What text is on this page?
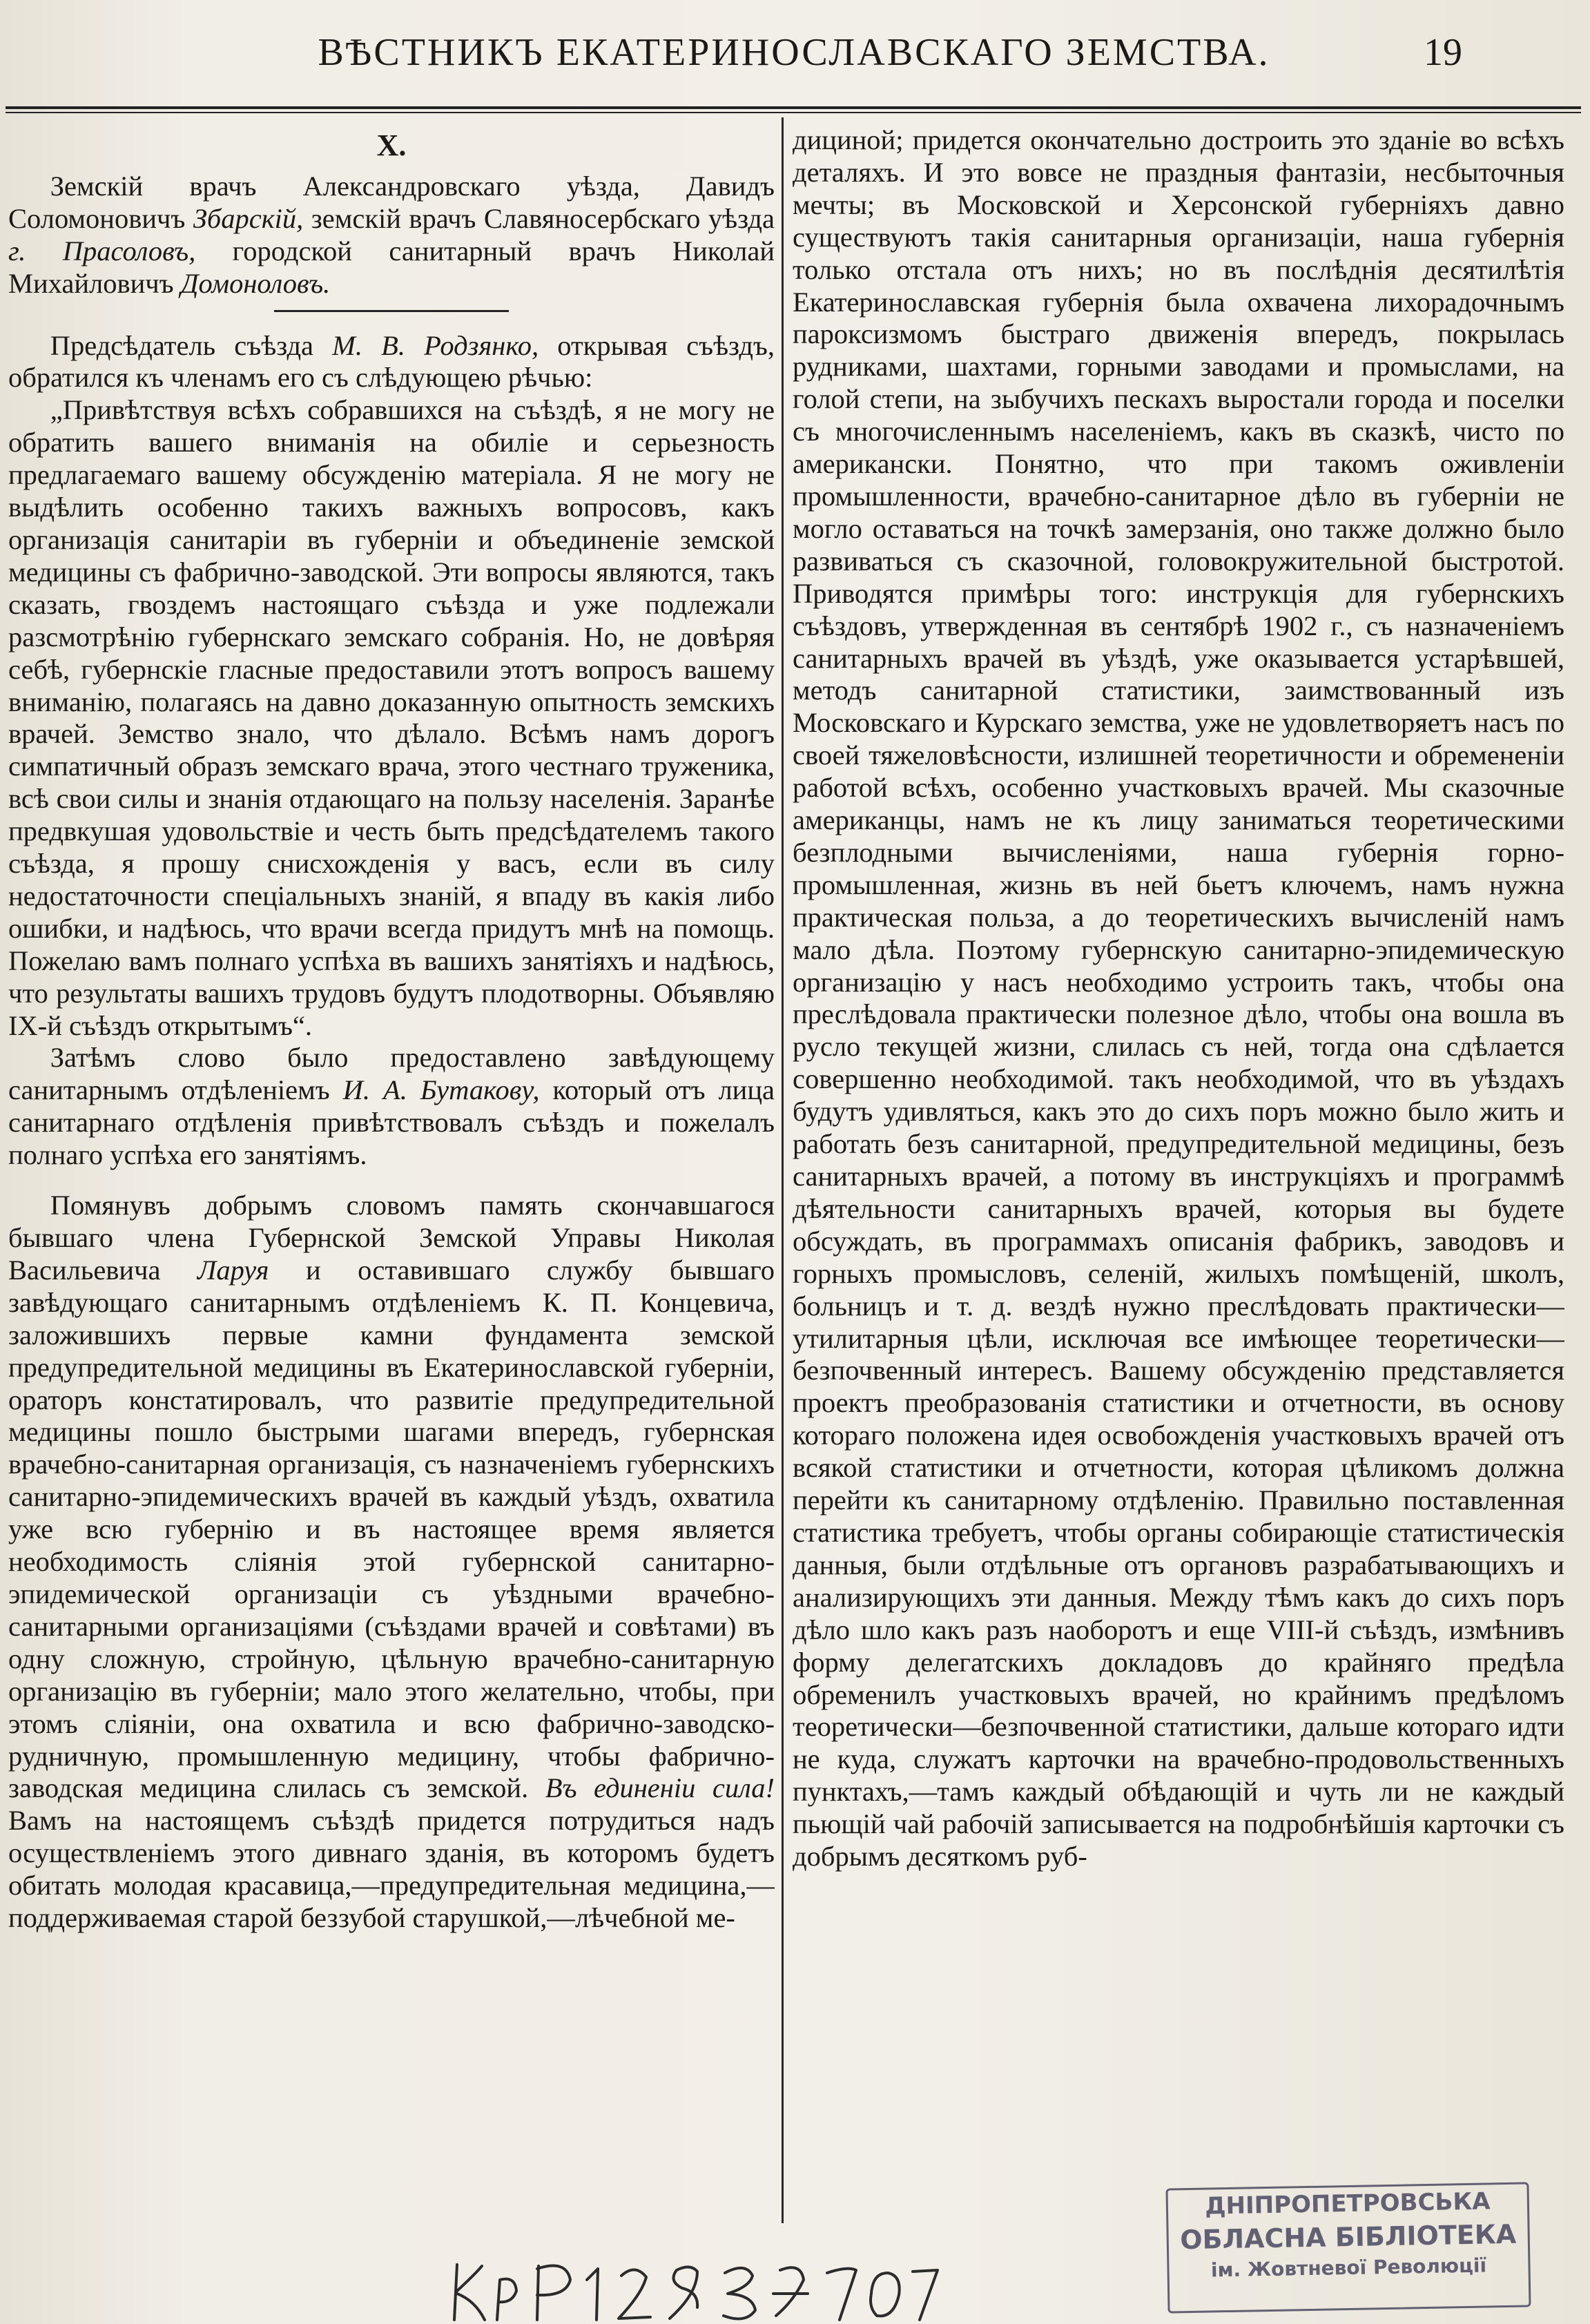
ВѢСТНИКЪ ЕКАТЕРИНОСЛАВСКАГО ЗЕМСТВА.	19
X.

Земскій врачъ Александровскаго уѣзда, Давидъ Соломоновичъ Збарскій, земскій врачъ Славяносербскаго уѣзда г. Прасоловъ, городской санитарный врачъ Николай Михайловичъ Домоноловъ.

Предсѣдатель съѣзда М. В. Родзянко, открывая съѣздъ, обратился къ членамъ его съ слѣдующею рѣчью:

„Привѣтствуя всѣхъ собравшихся на съѣздѣ, я не могу не обратить вашего вниманія на обиліе и серьезность предлагаемаго вашему обсужденію матеріала. Я не могу не выдѣлить особенно такихъ важныхъ вопросовъ, какъ организація санитаріи въ губерніи и объединеніе земской медицины съ фабрично-заводской. Эти вопросы являются, такъ сказать, гвоздемъ настоящаго съѣзда и уже подлежали разсмотрѣнію губернскаго земскаго собранія. Но, не довѣряя себѣ, губернскіе гласные предоставили этотъ вопросъ вашему вниманію, полагаясь на давно доказанную опытность земскихъ врачей. Земство знало, что дѣлало. Всѣмъ намъ дорогъ симпатичный образъ земскаго врача, этого честнаго труженика, всѣ свои силы и знанія отдающаго на пользу населенія. Заранѣе предвкушая удовольствіе и честь быть предсѣдателемъ такого съѣзда, я прошу снисхожденія у васъ, если въ силу недостаточности спеціальныхъ знаній, я впаду въ какія либо ошибки, и надѣюсь, что врачи всегда придутъ мнѣ на помощь. Пожелаю вамъ полнаго успѣха въ вашихъ занятіяхъ и надѣюсь, что результаты вашихъ трудовъ будутъ плодотворны. Объявляю IX-й съѣздъ открытымъ“.

Затѣмъ слово было предоставлено завѣдующему санитарнымъ отдѣленіемъ И. А. Бутакову, который отъ лица санитарнаго отдѣленія привѣтствовалъ съѣздъ и пожелалъ полнаго успѣха его занятіямъ.

Помянувъ добрымъ словомъ память скончавшагося бывшаго члена Губернской Земской Управы Николая Васильевича Ларуя и оставившаго службу бывшаго завѣдующаго санитарнымъ отдѣленіемъ К. П. Концевича, заложившихъ первые камни фундамента земской предупредительной медицины въ Екатеринославской губерніи, ораторъ констатировалъ, что развитіе предупредительной медицины пошло быстрыми шагами впередъ, губернская врачебно-санитарная организація, съ назначеніемъ губернскихъ санитарно-эпидемическихъ врачей въ каждый уѣздъ, охватила уже всю губернію и въ настоящее время является необходимость слiянія этой губернской санитарно-эпидемической организаціи съ уѣздными врачебно-санитарными организаціями (съѣздами врачей и совѣтами) въ одну сложную, стройную, цѣльную врачебно-санитарную организацію въ губерніи; мало этого желательно, чтобы, при этомъ слiяніи, она охватила и всю фабрично-заводско-рудничную, промышленную медицину, чтобы фабрично-заводская медицина слилась съ земской. Въ единеніи сила! Вамъ на настоящемъ съѣздѣ придется потрудиться надъ осуществленіемъ этого дивнаго зданія, въ которомъ будетъ обитать молодая красавица,—предупредительная медицина,—поддерживаемая старой беззубой старушкой,—лѣчебной ме-

дициной; придется окончательно достроить это зданіе во всѣхъ деталяхъ. И это вовсе не праздныя фантазіи, несбыточныя мечты; въ Московской и Херсонской губерніяхъ давно существуютъ такія санитарныя организаціи, наша губернія только отстала отъ нихъ; но въ послѣднія десятилѣтія Екатеринославская губернія была охвачена лихорадочнымъ пароксизмомъ быстраго движенія впередъ, покрылась рудниками, шахтами, горными заводами и промыслами, на голой степи, на зыбучихъ пескахъ выростали города и поселки съ многочисленнымъ населеніемъ, какъ въ сказкѣ, чисто по американски. Понятно, что при такомъ оживленіи промышленности, врачебно-санитарное дѣло въ губерніи не могло оставаться на точкѣ замерзанія, оно также должно было развиваться съ сказочной, головокружительной быстротой. Приводятся примѣры того: инструкція для губернскихъ съѣздовъ, утвержденная въ сентябрѣ 1902 г., съ назначеніемъ санитарныхъ врачей въ уѣздѣ, уже оказывается устарѣвшей, методъ санитарной статистики, заимствованный изъ Московскаго и Курскаго земства, уже не удовлетворяетъ насъ по своей тяжеловѣсности, излишней теоретичности и обремененіи работой всѣхъ, особенно участковыхъ врачей. Мы сказочные американцы, намъ не къ лицу заниматься теоретическими безплодными вычисленіями, наша губернія горно-промышленная, жизнь въ ней бьетъ ключемъ, намъ нужна практическая польза, а до теоретическихъ вычисленій намъ мало дѣла. Поэтому губернскую санитарно-эпидемическую организацію у насъ необходимо устроить такъ, чтобы она преслѣдовала практически полезное дѣло, чтобы она вошла въ русло текущей жизни, слилась съ ней, тогда она сдѣлается совершенно необходимой. такъ необходимой, что въ уѣздахъ будутъ удивляться, какъ это до сихъ поръ можно было жить и работать безъ санитарной, предупредительной медицины, безъ санитарныхъ врачей, а потому въ инструкціяхъ и программѣ дѣятельности санитарныхъ врачей, которыя вы будете обсуждать, въ программахъ описанія фабрикъ, заводовъ и горныхъ промысловъ, селеній, жилыхъ помѣщеній, школъ, больницъ и т. д. вездѣ нужно преслѣдовать практически—утилитарныя цѣли, исключая все имѣющее теоретически—безпочвенный интересъ. Вашему обсужденію представляется проектъ преобразованія статистики и отчетности, въ основу котораго положена идея освобожденія участковыхъ врачей отъ всякой статистики и отчетности, которая цѣликомъ должна перейти къ санитарному отдѣленію. Правильно поставленная статистика требуетъ, чтобы органы собирающіе статистическія данныя, были отдѣльные отъ органовъ разрабатывающихъ и анализирующихъ эти данныя. Между тѣмъ какъ до сихъ поръ дѣло шло какъ разъ наоборотъ и еще VIII-й съѣздъ, измѣнивъ форму делегатскихъ докладовъ до крайняго предѣла обременилъ участковыхъ врачей, но крайнимъ предѣломъ теоретически—безпочвенной статистики, дальше котораго идти не куда, служатъ карточки на врачебно-продовольственныхъ пунктахъ,—тамъ каждый обѣдающій и чуть ли не каждый пьющій чай рабочій записывается на подробнѣйшія карточки съ добрымъ десяткомъ руб-

ДНІПРОПЕТРОВСЬКА
ОБЛАСНА БІБЛІОТЕКА
ім. Жовтневої Революції
